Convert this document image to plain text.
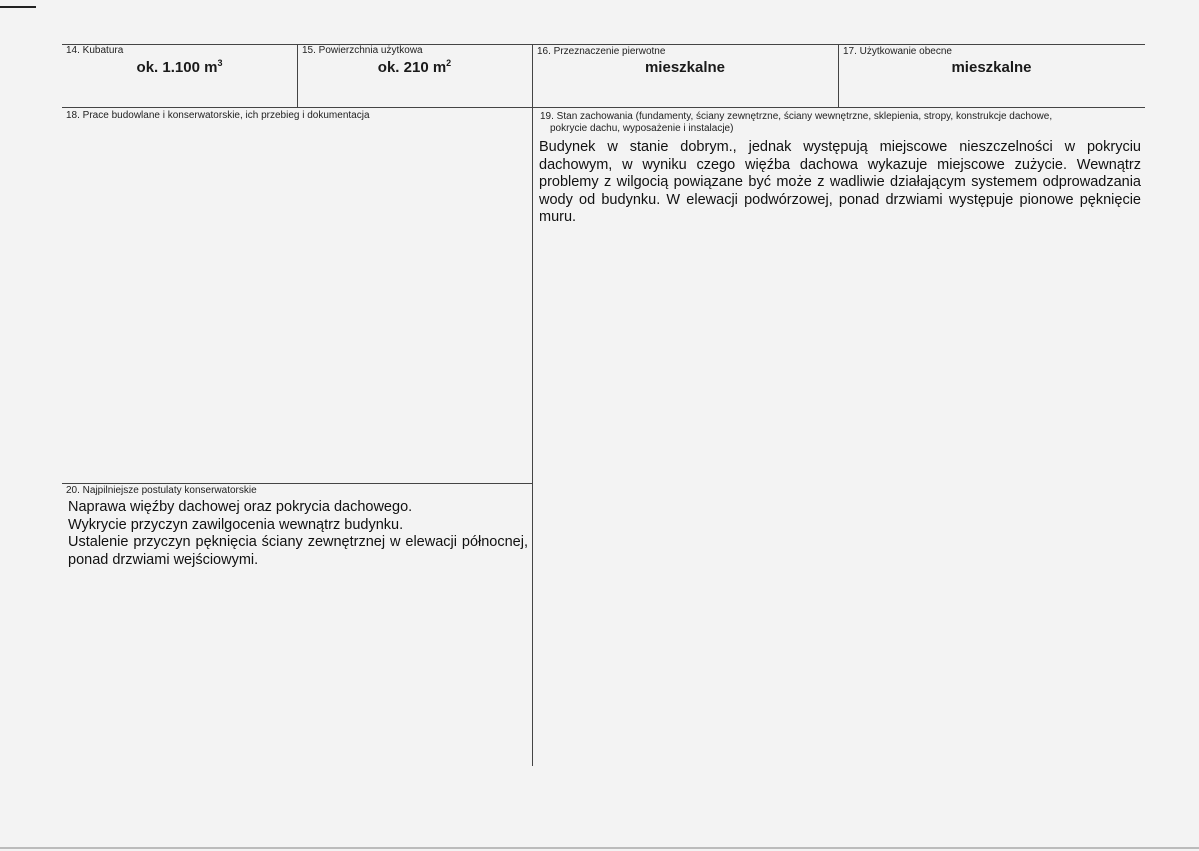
14. Kubatura
ok. 1.100 $m^3$
15. Powierzchnia użytkowa
ok. 210 $m^2$
16. Przeznaczenie pierwotne
mieszkalne
17. Użytkowanie obecne
mieszkalne
18. Prace budowlane i konserwatorskie, ich przebieg i dokumentacja	19. Stan zachowania (fundamenty, ściany zewnętrzne, ściany wewnętrzne, sklepienia, stropy, konstrukcje dachowe,
pokrycie dachu, wyposażenie i instalacje)

Budynek w stanie dobrym., jednak występują miejscowe nieszczelności w pokryciu dachowym, w wyniku czego więźba dachowa wykazuje miejscowe zużycie. Wewnątrz problemy z wilgocią powiązane być może z wadliwie działającym systemem odprowadzania wody od budynku. W elewacji podwórzowej, ponad drzwiami występuje pionowe pęknięcie muru.

20. Najpilniejsze postulaty konserwatorskie

Naprawa więźby dachowej oraz pokrycia dachowego.

Wykrycie przyczyn zawilgocenia wewnątrz budynku.

Ustalenie przyczyn pęknięcia ściany zewnętrznej w elewacji północnej, ponad drzwiami wejściowymi.
